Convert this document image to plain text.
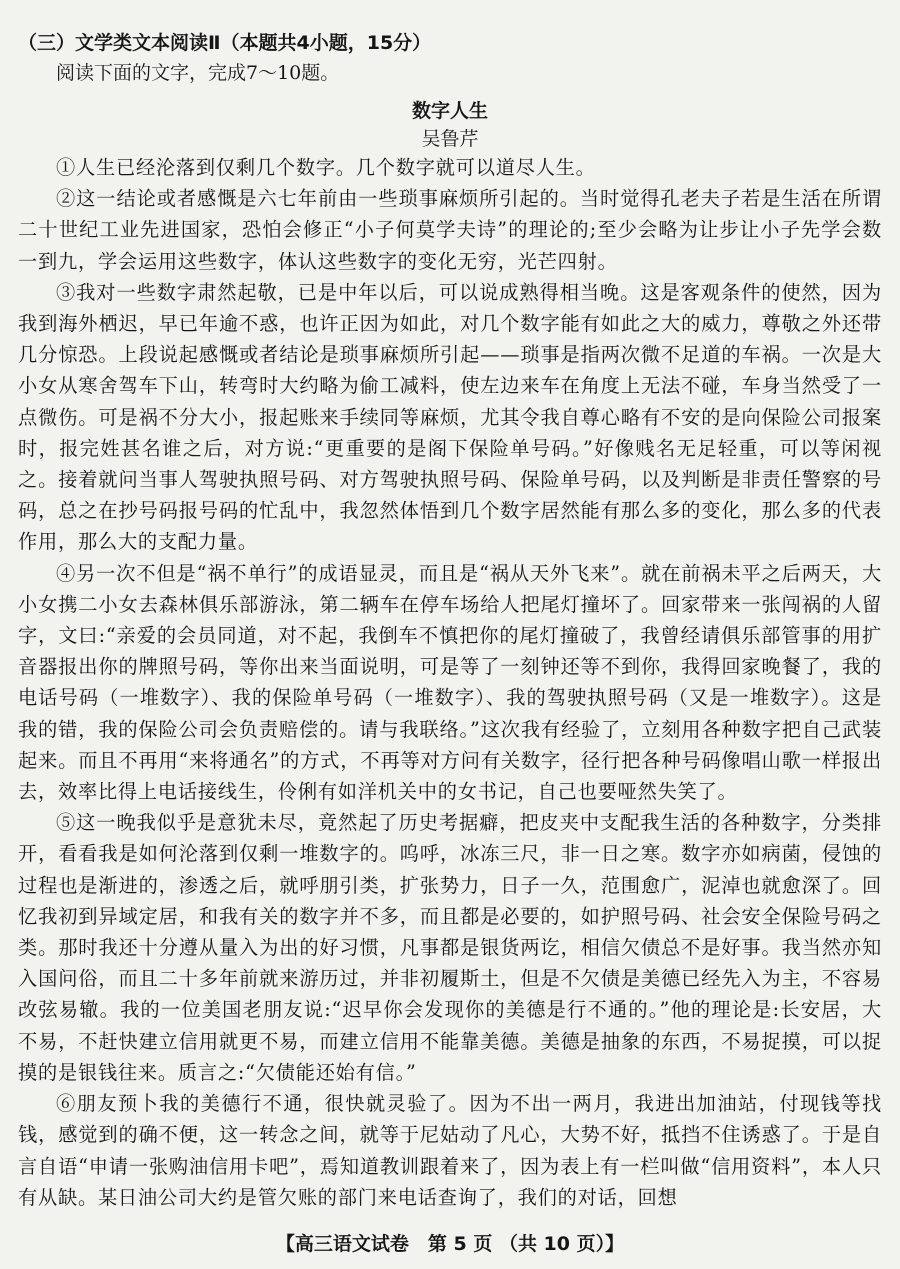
（三）文学类文本阅读Ⅱ（本题共4小题，15分）
阅读下面的文字，完成7～10题。
数字人生
吴鲁芹

①人生已经沦落到仅剩几个数字。几个数字就可以道尽人生。

②这一结论或者感慨是六七年前由一些琐事麻烦所引起的。当时觉得孔老夫子若是生活在所谓二十世纪工业先进国家，恐怕会修正“小子何莫学夫诗”的理论的;至少会略为让步让小子先学会数一到九，学会运用这些数字，体认这些数字的变化无穷，光芒四射。

③我对一些数字肃然起敬，已是中年以后，可以说成熟得相当晚。这是客观条件的使然，因为我到海外栖迟，早已年逾不惑，也许正因为如此，对几个数字能有如此之大的威力，尊敬之外还带几分惊恐。上段说起感慨或者结论是琐事麻烦所引起——琐事是指两次微不足道的车祸。一次是大小女从寒舍驾车下山，转弯时大约略为偷工减料，使左边来车在角度上无法不碰，车身当然受了一点微伤。可是祸不分大小，报起账来手续同等麻烦，尤其令我自尊心略有不安的是向保险公司报案时，报完姓甚名谁之后，对方说:“更重要的是阁下保险单号码。”好像贱名无足轻重，可以等闲视之。接着就问当事人驾驶执照号码、对方驾驶执照号码、保险单号码，以及判断是非责任警察的号码，总之在抄号码报号码的忙乱中，我忽然体悟到几个数字居然能有那么多的变化，那么多的代表作用，那么大的支配力量。

④另一次不但是“祸不单行”的成语显灵，而且是“祸从天外飞来”。就在前祸未平之后两天，大小女携二小女去森林俱乐部游泳，第二辆车在停车场给人把尾灯撞坏了。回家带来一张闯祸的人留字，文曰:“亲爱的会员同道，对不起，我倒车不慎把你的尾灯撞破了，我曾经请俱乐部管事的用扩音器报出你的牌照号码，等你出来当面说明，可是等了一刻钟还等不到你，我得回家晚餐了，我的电话号码（一堆数字）、我的保险单号码（一堆数字）、我的驾驶执照号码（又是一堆数字）。这是我的错，我的保险公司会负责赔偿的。请与我联络。”这次我有经验了，立刻用各种数字把自己武装起来。而且不再用“来将通名”的方式，不再等对方问有关数字，径行把各种号码像唱山歌一样报出去，效率比得上电话接线生，伶俐有如洋机关中的女书记，自己也要哑然失笑了。

⑤这一晚我似乎是意犹未尽，竟然起了历史考据癖，把皮夹中支配我生活的各种数字，分类排开，看看我是如何沦落到仅剩一堆数字的。呜呼，冰冻三尺，非一日之寒。数字亦如病菌，侵蚀的过程也是渐进的，渗透之后，就呼朋引类，扩张势力，日子一久，范围愈广，泥淖也就愈深了。回忆我初到异域定居，和我有关的数字并不多，而且都是必要的，如护照号码、社会安全保险号码之类。那时我还十分遵从量入为出的好习惯，凡事都是银货两讫，相信欠债总不是好事。我当然亦知入国问俗，而且二十多年前就来游历过，并非初履斯土，但是不欠债是美德已经先入为主，不容易改弦易辙。我的一位美国老朋友说:“迟早你会发现你的美德是行不通的。”他的理论是:长安居，大不易，不赶快建立信用就更不易，而建立信用不能靠美德。美德是抽象的东西，不易捉摸，可以捉摸的是银钱往来。质言之:“欠债能还始有信。”

⑥朋友预卜我的美德行不通，很快就灵验了。因为不出一两月，我进出加油站，付现钱等找钱，感觉到的确不便，这一转念之间，就等于尼姑动了凡心，大势不好，抵挡不住诱惑了。于是自言自语“申请一张购油信用卡吧”，焉知道教训跟着来了，因为表上有一栏叫做“信用资料”，本人只有从缺。某日油公司大约是管欠账的部门来电话查询了，我们的对话，回想

【高三语文试卷　第 5 页 （共 10 页）】
